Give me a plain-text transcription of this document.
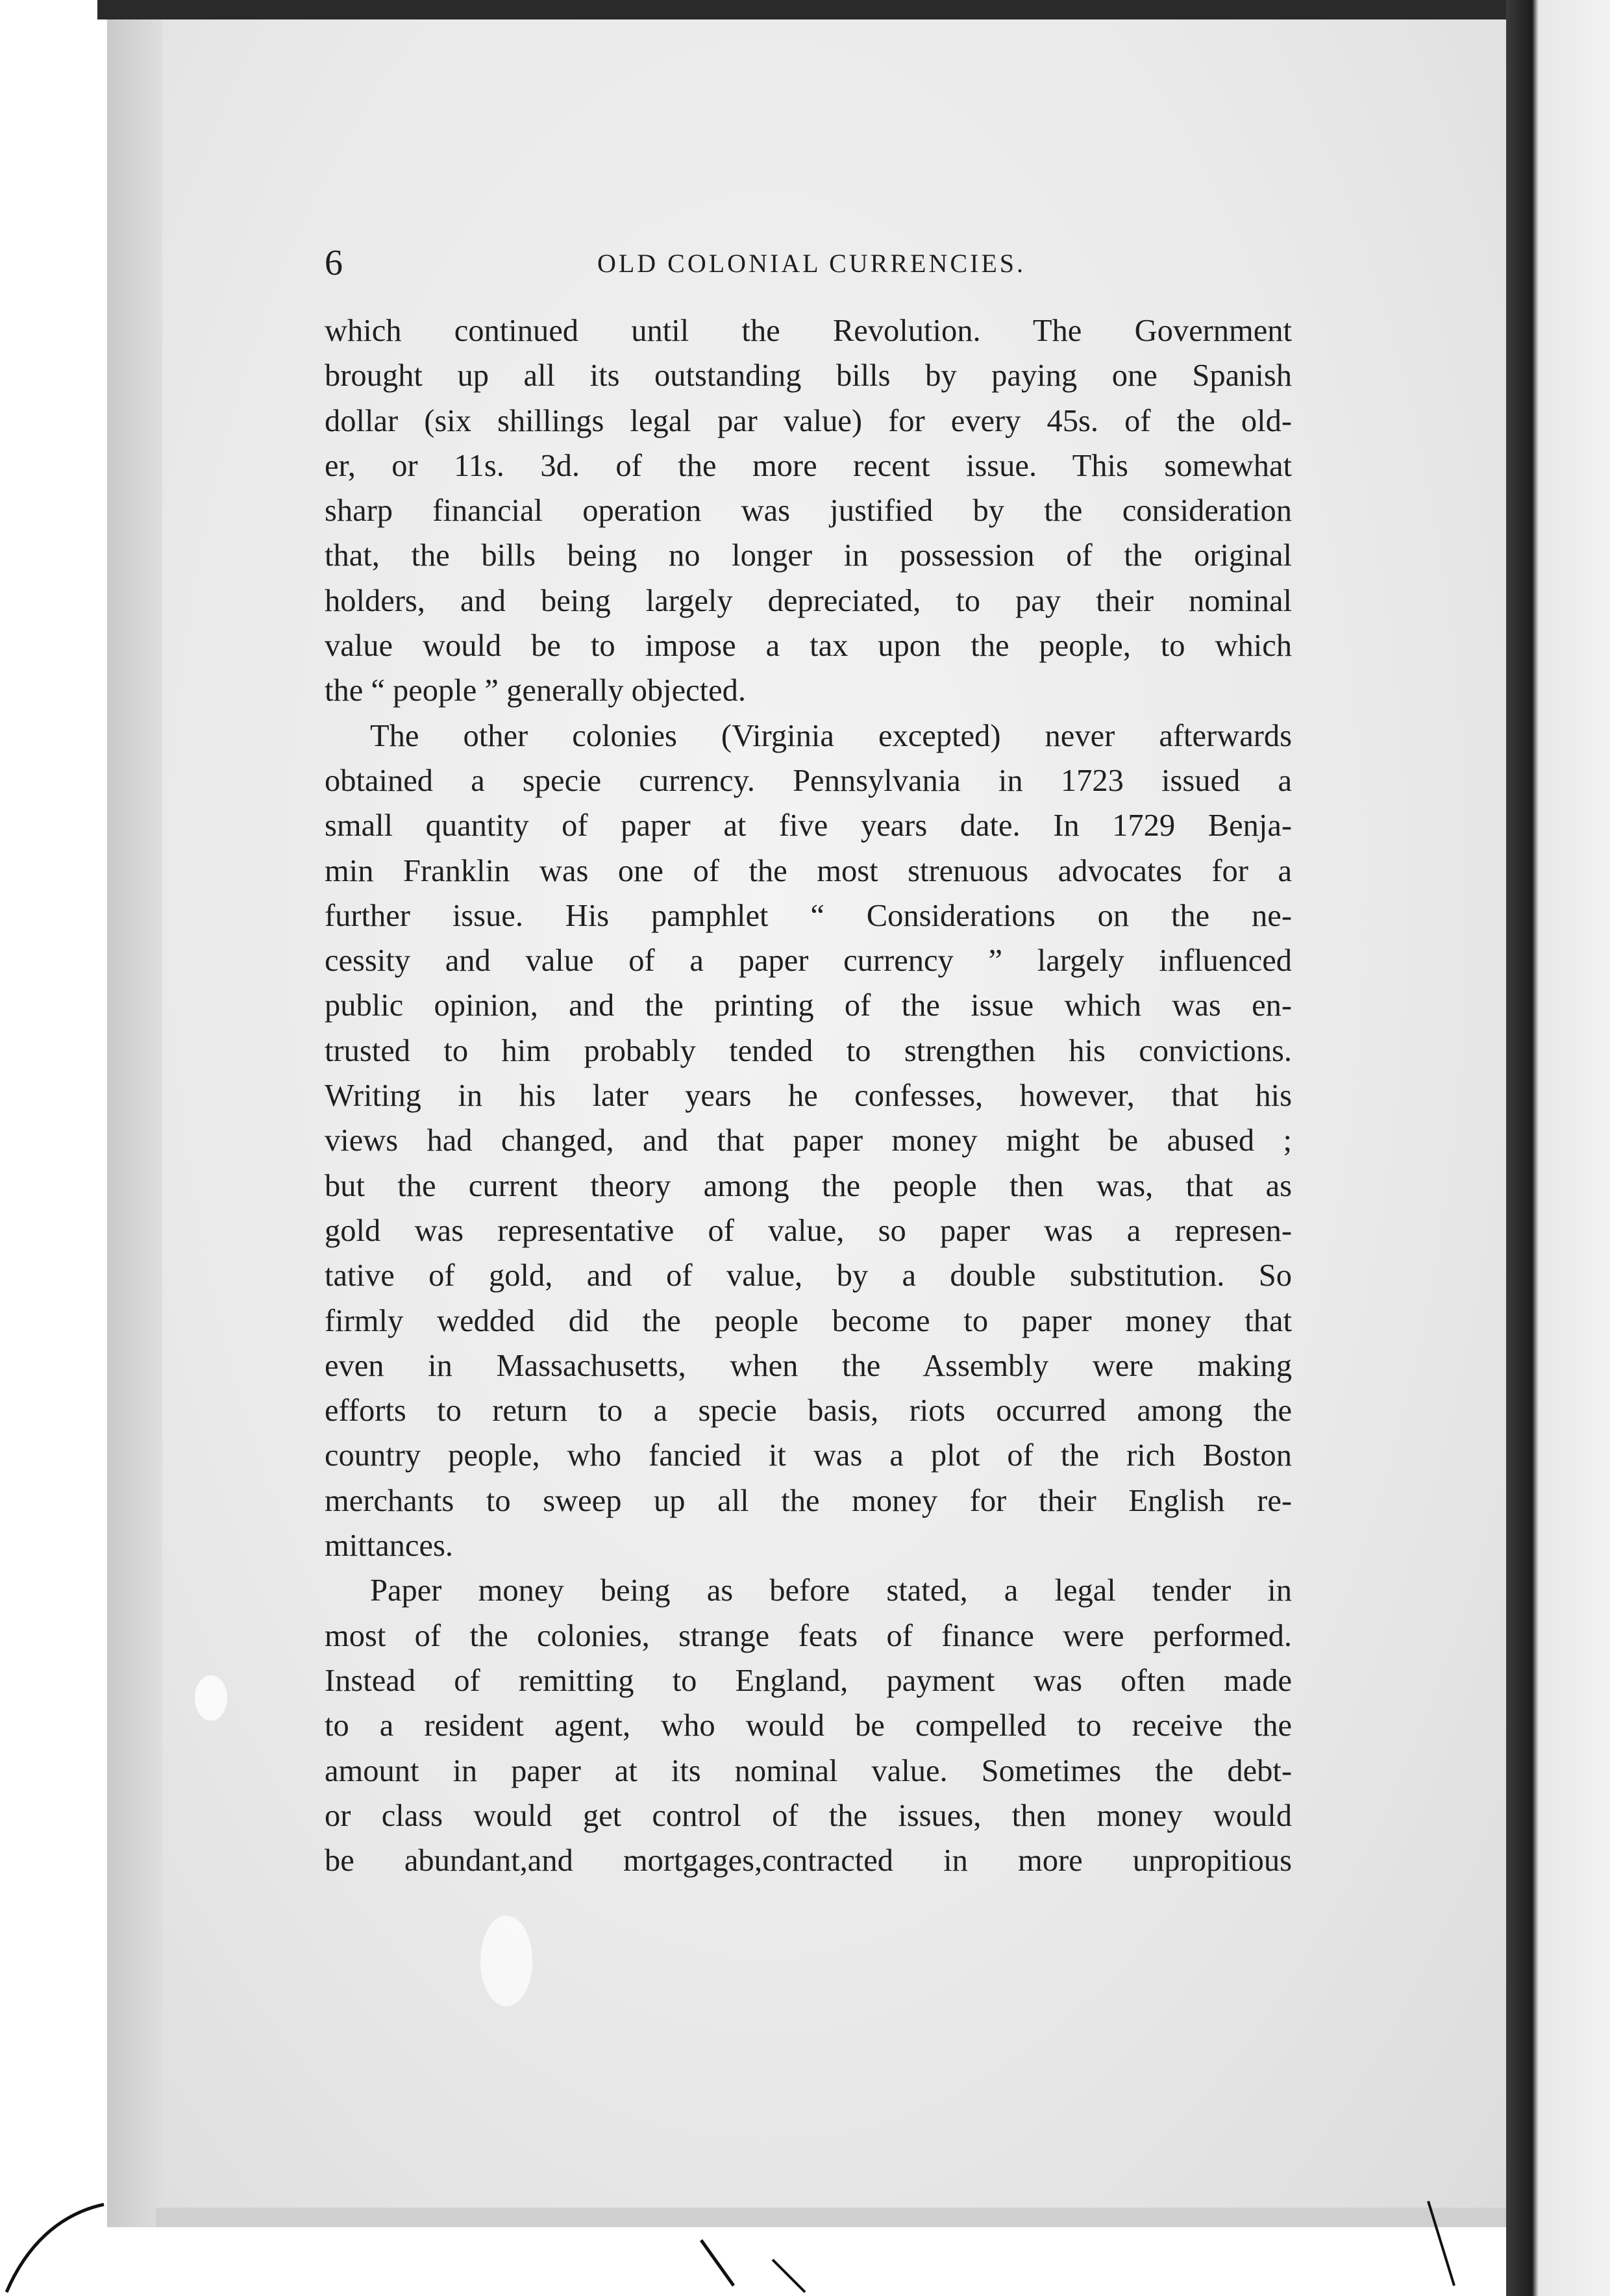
6	OLD COLONIAL CURRENCIES.
which continued until the Revolution. The Government
brought up all its outstanding bills by paying one Spanish
dollar (six shillings legal par value) for every 45s. of the old-
er, or 11s. 3d. of the more recent issue. This somewhat
sharp financial operation was justified by the consideration
that, the bills being no longer in possession of the original
holders, and being largely depreciated, to pay their nominal
value would be to impose a tax upon the people, to which
the “ people ” generally objected.
The other colonies (Virginia excepted) never afterwards
obtained a specie currency. Pennsylvania in 1723 issued a
small quantity of paper at five years date. In 1729 Benja-
min Franklin was one of the most strenuous advocates for a
further issue. His pamphlet “ Considerations on the ne-
cessity and value of a paper currency ” largely influenced
public opinion, and the printing of the issue which was en-
trusted to him probably tended to strengthen his convictions.
Writing in his later years he confesses, however, that his
views had changed, and that paper money might be abused ;
but the current theory among the people then was, that as
gold was representative of value, so paper was a represen-
tative of gold, and of value, by a double substitution. So
firmly wedded did the people become to paper money that
even in Massachusetts, when the Assembly were making
efforts to return to a specie basis, riots occurred among the
country people, who fancied it was a plot of the rich Boston
merchants to sweep up all the money for their English re-
mittances.
Paper money being as before stated, a legal tender in
most of the colonies, strange feats of finance were performed.
Instead of remitting to England, payment was often made
to a resident agent, who would be compelled to receive the
amount in paper at its nominal value. Sometimes the debt-
or class would get control of the issues, then money would
be abundant,and mortgages,contracted in more unpropitious
